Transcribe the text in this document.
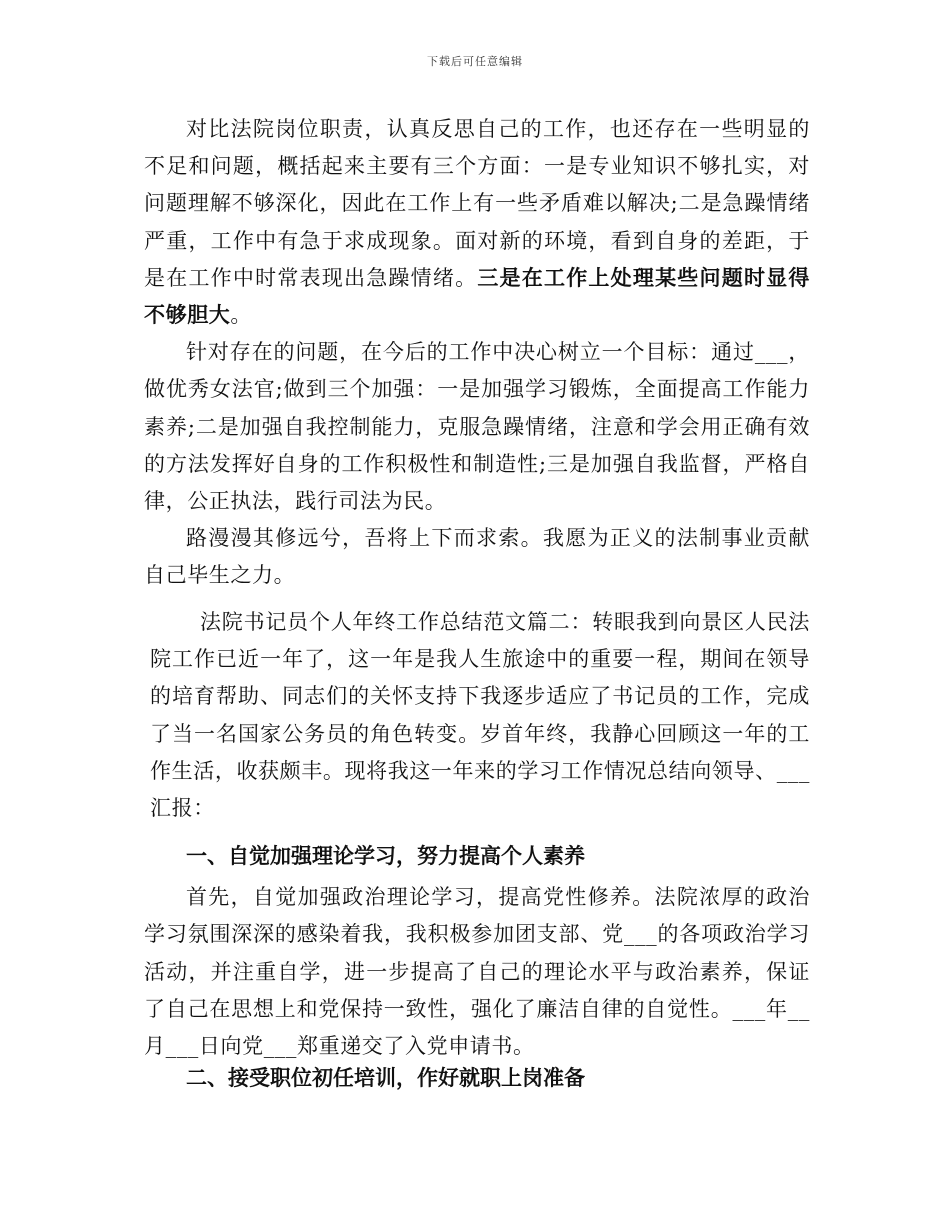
下载后可任意编辑

对比法院岗位职责，认真反思自己的工作，也还存在一些明显的不足和问题，概括起来主要有三个方面：一是专业知识不够扎实，对问题理解不够深化，因此在工作上有一些矛盾难以解决;二是急躁情绪严重，工作中有急于求成现象。面对新的环境，看到自身的差距，于是在工作中时常表现出急躁情绪。三是在工作上处理某些问题时显得不够胆大。

针对存在的问题，在今后的工作中决心树立一个目标：通过___，做优秀女法官;做到三个加强：一是加强学习锻炼，全面提高工作能力素养;二是加强自我控制能力，克服急躁情绪，注意和学会用正确有效的方法发挥好自身的工作积极性和制造性;三是加强自我监督，严格自律，公正执法，践行司法为民。

路漫漫其修远兮，吾将上下而求索。我愿为正义的法制事业贡献自己毕生之力。

法院书记员个人年终工作总结范文篇二：转眼我到向景区人民法院工作已近一年了，这一年是我人生旅途中的重要一程，期间在领导的培育帮助、同志们的关怀支持下我逐步适应了书记员的工作，完成了当一名国家公务员的角色转变。岁首年终，我静心回顾这一年的工作生活，收获颇丰。现将我这一年来的学习工作情况总结向领导、___汇报：

一、自觉加强理论学习，努力提高个人素养

首先，自觉加强政治理论学习，提高党性修养。法院浓厚的政治学习氛围深深的感染着我，我积极参加团支部、党___的各项政治学习活动，并注重自学，进一步提高了自己的理论水平与政治素养，保证了自己在思想上和党保持一致性，强化了廉洁自律的自觉性。___年__月___日向党___郑重递交了入党申请书。

二、接受职位初任培训，作好就职上岗准备
